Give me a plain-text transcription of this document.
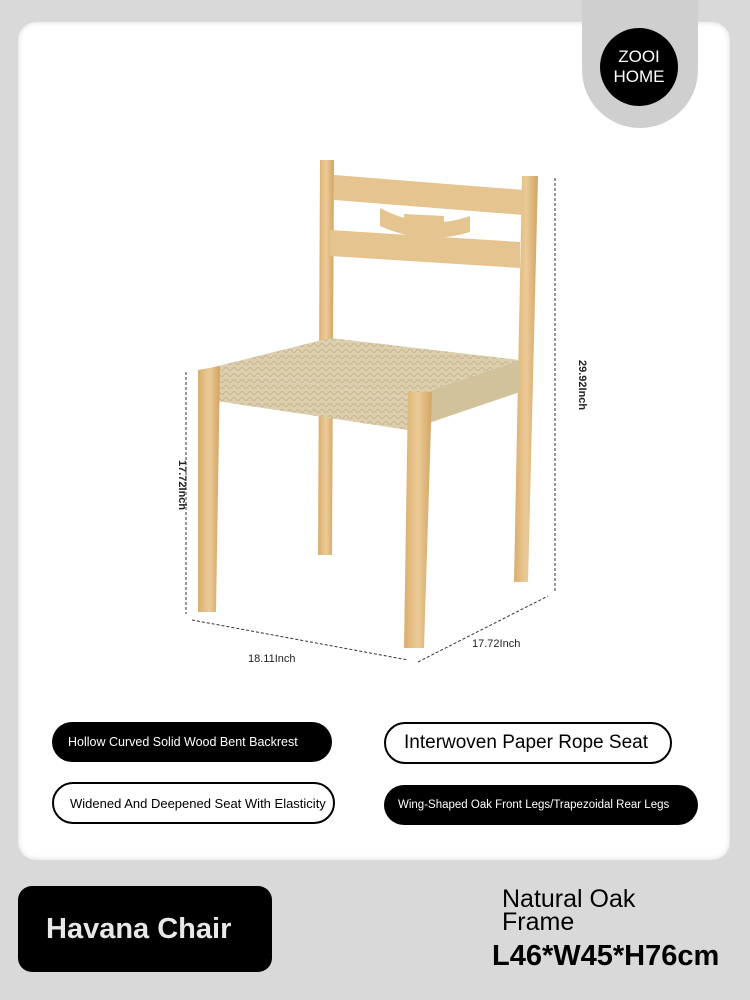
ZOOI
HOME
29.92Inch
17.72Inch
18.11Inch
17.72Inch
Hollow Curved Solid Wood Bent Backrest	Interwoven Paper Rope Seat
Widened And Deepened Seat With Elasticity	Wing-Shaped Oak Front Legs/Trapezoidal Rear Legs
Havana Chair
Natural Oak Frame
L46*W45*H76cm
